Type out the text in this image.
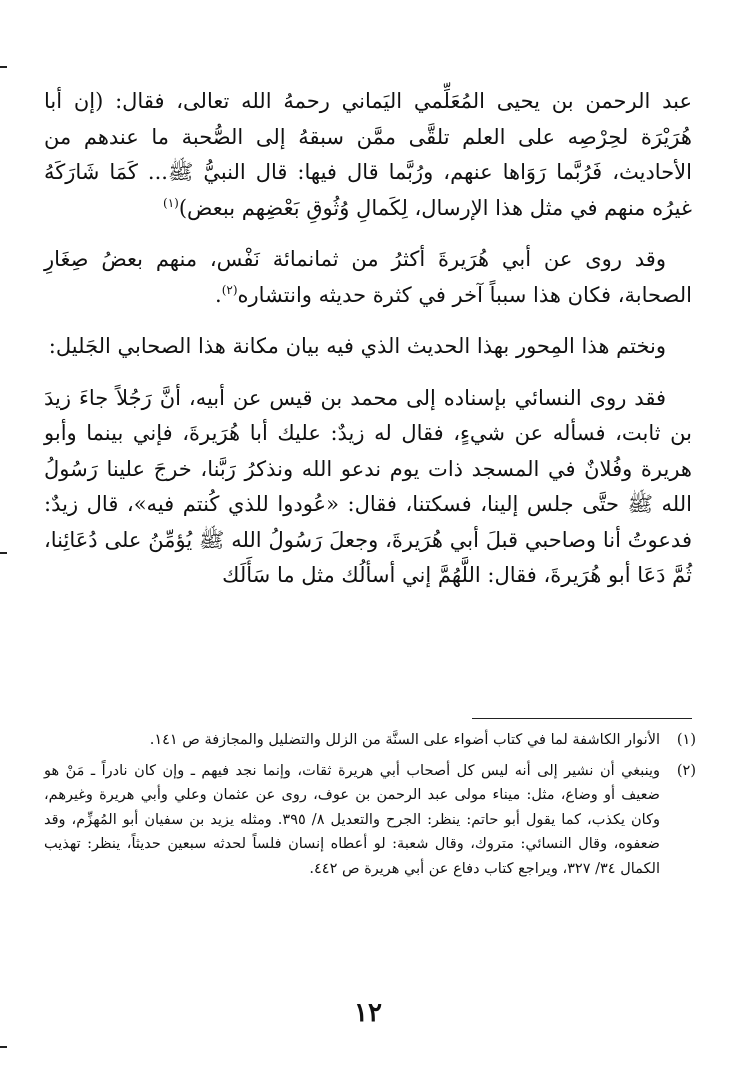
عبد الرحمن بن يحيى المُعَلِّمي اليَماني رحمهُ الله تعالى، فقال: (إن أبا هُرَيْرَة لحِرْصِه على العلم تلقَّى ممَّن سبقهُ إلى الصُّحبة ما عندهم من الأحاديث، فَرُبَّما رَوَاها عنهم، ورُبَّما قال فيها: قال النبيُّ ﷺ... كَمَا شَارَكَهُ غيرُه منهم في مثل هذا الإرسال، لِكَمالِ وُثُوقِ بَعْضِهم ببعض)$^{(١)}$

وقد روى عن أبي هُرَيرةَ أكثرُ من ثمانمائة نَفْس، منهم بعضُ صِغَارِ الصحابة، فكان هذا سبباً آخر في كثرة حديثه وانتشاره$^{(٢)}$.

ونختم هذا المِحور بهذا الحديث الذي فيه بيان مكانة هذا الصحابي الجَليل:

فقد روى النسائي بإسناده إلى محمد بن قيس عن أبيه، أنَّ رَجُلاً جاءَ زيدَ بن ثابت، فسأله عن شيءٍ، فقال له زيدٌ: عليك أبا هُرَيرةَ، فإني بينما وأبو هريرة وفُلانٌ في المسجد ذات يوم ندعو الله ونذكرُ رَبَّنا، خرجَ علينا رَسُولُ الله ﷺ حتَّى جلس إلينا، فسكتنا، فقال: «عُودوا للذي كُنتم فيه»، قال زيدٌ: فدعوتُ أنا وصاحبي قبلَ أبي هُرَيرةَ، وجعلَ رَسُولُ الله ﷺ يُؤمِّنُ على دُعَائِنا، ثُمَّ دَعَا أبو هُرَيرةَ، فقال: اللَّهُمَّ إني أسألُك مثل ما سَأَلَك

(١)
الأنوار الكاشفة لما في كتاب أضواء على السنَّة من الزلل والتضليل والمجازفة ص ١٤١.
(٢)
وينبغي أن نشير إلى أنه ليس كل أصحاب أبي هريرة ثقات، وإنما نجد فيهم ـ وإن كان نادراً ـ مَنْ هو ضعيف أو وضاع، مثل: ميناء مولى عبد الرحمن بن عوف، روى عن عثمان وعلي وأبي هريرة وغيرهم، وكان يكذب، كما يقول أبو حاتم: ينظر: الجرح والتعديل ٨/ ٣٩٥. ومثله يزيد بن سفيان أبو المُهزِّم، وقد ضعفوه، وقال النسائي: متروك، وقال شعبة: لو أعطاه إنسان فلساً لحدثه سبعين حديثاً، ينظر: تهذيب الكمال ٣٤/ ٣٢٧، ويراجع كتاب دفاع عن أبي هريرة ص ٤٤٢.
١٢
